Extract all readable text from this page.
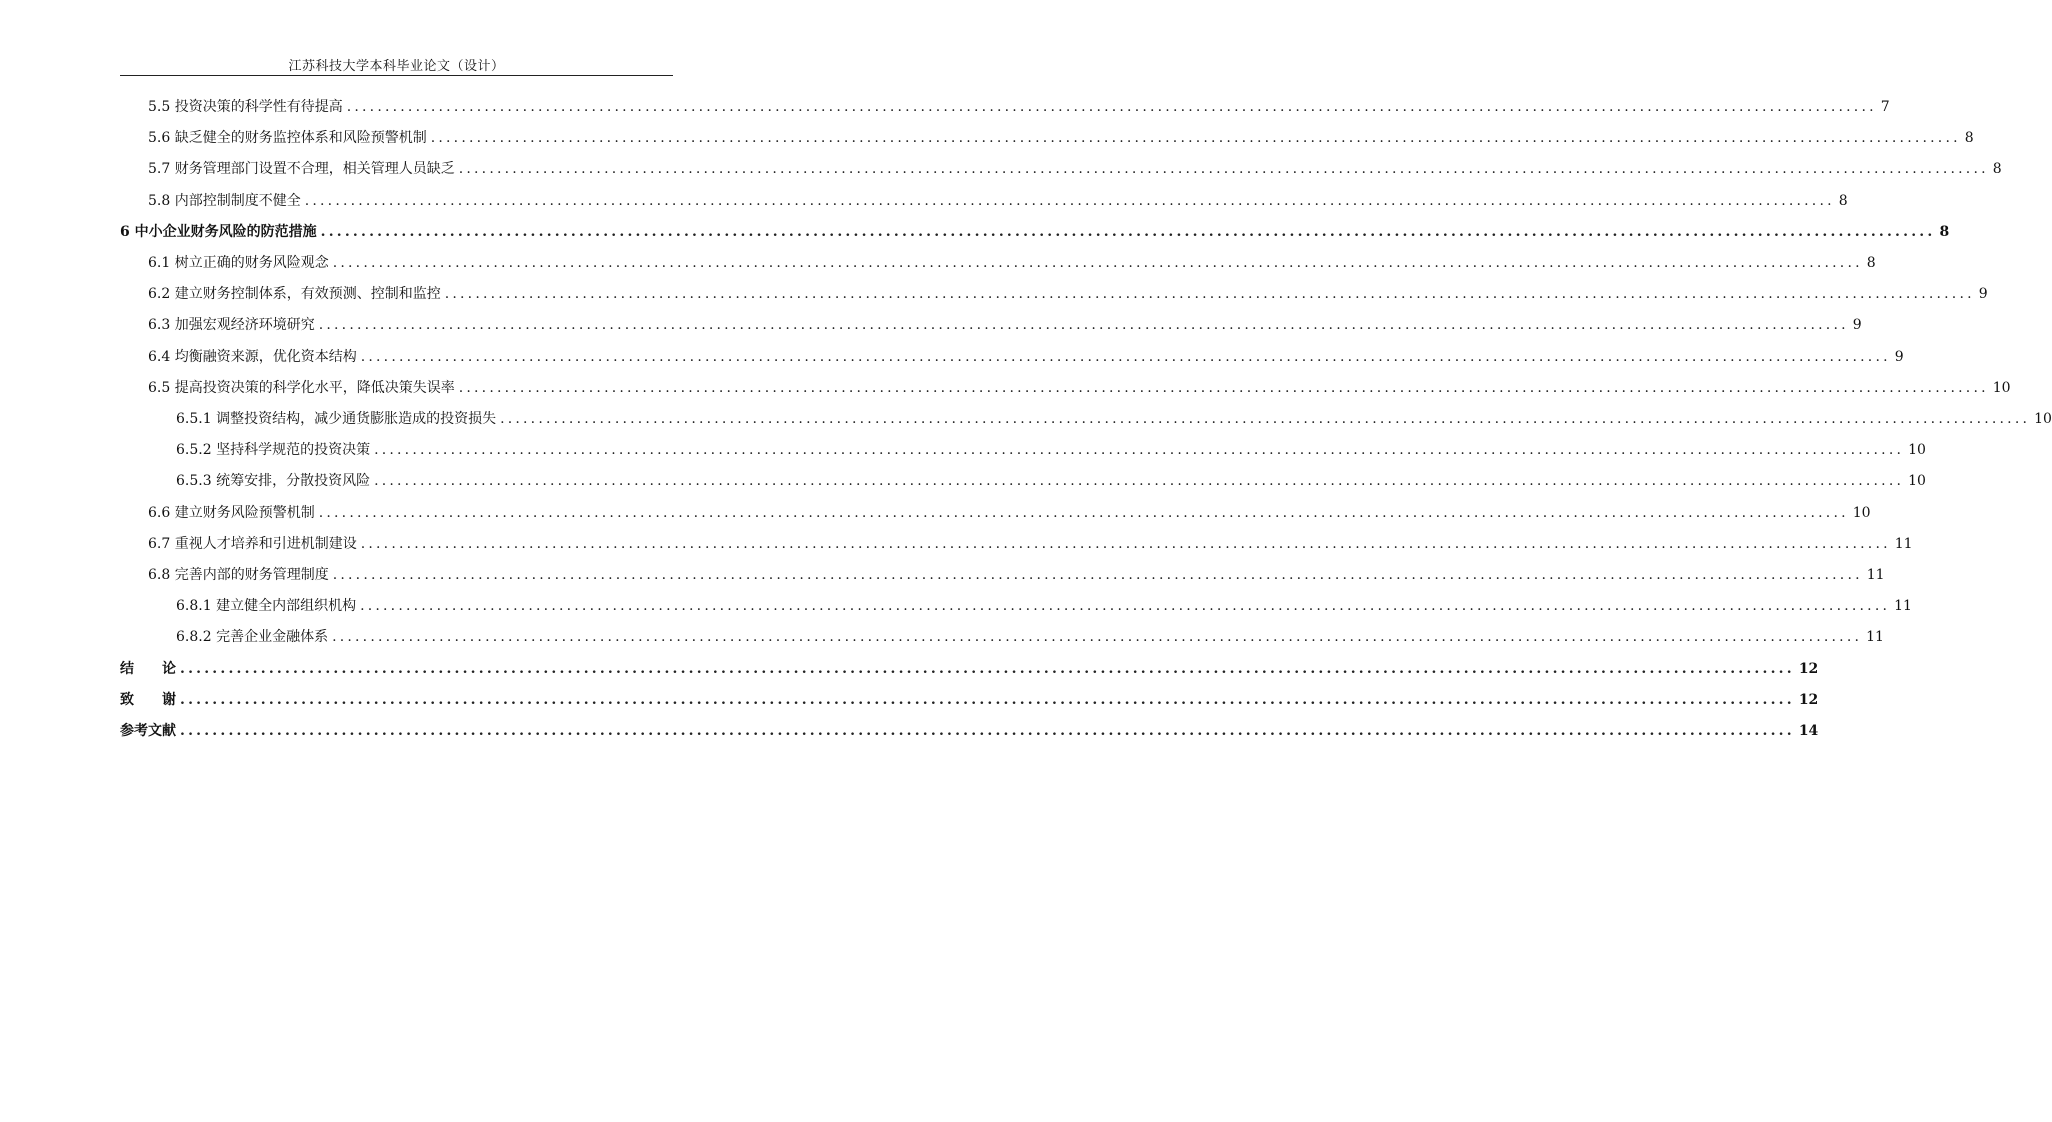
江苏科技大学本科毕业论文（设计）
5.5 投资决策的科学性有待提高 ........................................................................................................................................................................................................ 7
5.6 缺乏健全的财务监控体系和风险预警机制 ........................................................................................................................................................................................................ 8
5.7 财务管理部门设置不合理，相关管理人员缺乏 ........................................................................................................................................................................................................ 8
5.8 内部控制制度不健全 ........................................................................................................................................................................................................ 8
6 中小企业财务风险的防范措施 ........................................................................................................................................................................................................ 8
6.1 树立正确的财务风险观念 ........................................................................................................................................................................................................ 8
6.2 建立财务控制体系，有效预测、控制和监控 ........................................................................................................................................................................................................ 9
6.3 加强宏观经济环境研究 ........................................................................................................................................................................................................ 9
6.4 均衡融资来源，优化资本结构 ........................................................................................................................................................................................................ 9
6.5 提高投资决策的科学化水平，降低决策失误率 ........................................................................................................................................................................................................ 10
6.5.1 调整投资结构，减少通货膨胀造成的投资损失 ........................................................................................................................................................................................................ 10
6.5.2 坚持科学规范的投资决策 ........................................................................................................................................................................................................ 10
6.5.3 统筹安排，分散投资风险 ........................................................................................................................................................................................................ 10
6.6 建立财务风险预警机制 ........................................................................................................................................................................................................ 10
6.7 重视人才培养和引进机制建设 ........................................................................................................................................................................................................ 11
6.8 完善内部的财务管理制度 ........................................................................................................................................................................................................ 11
6.8.1 建立健全内部组织机构 ........................................................................................................................................................................................................ 11
6.8.2 完善企业金融体系 ........................................................................................................................................................................................................ 11
结　　论 ........................................................................................................................................................................................................ 12
致　　谢 ........................................................................................................................................................................................................ 12
参考文献 ........................................................................................................................................................................................................ 14
